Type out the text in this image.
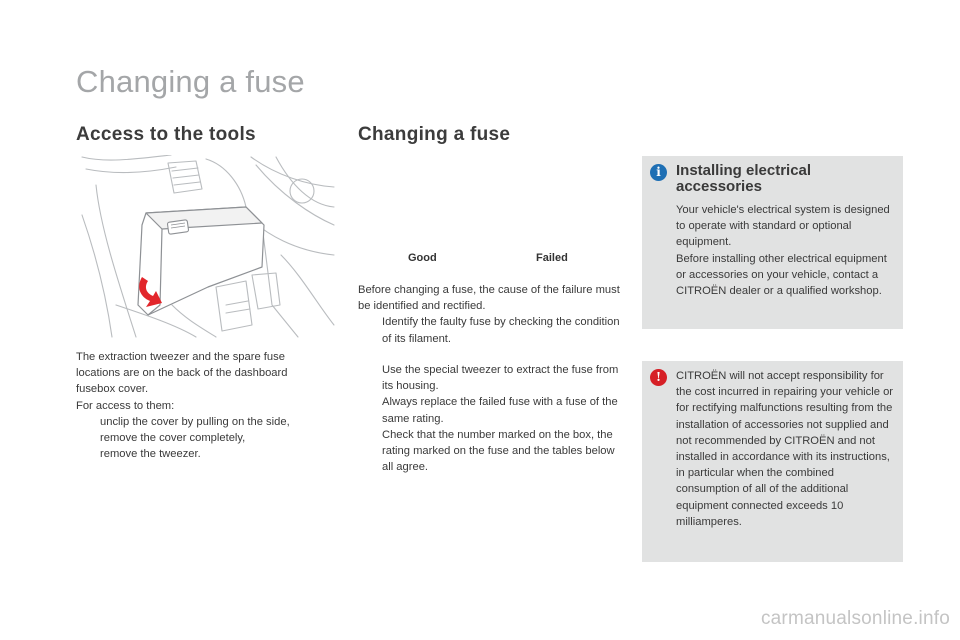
Changing a fuse
Access to the tools

The extraction tweezer and the spare fuse locations are on the back of the dashboard fusebox cover.

For access to them:

unclip the cover by pulling on the side,

remove the cover completely,

remove the tweezer.

Changing a fuse
Good	Failed

Before changing a fuse, the cause of the failure must be identified and rectified.

Identify the faulty fuse by checking the condition of its filament.

Use the special tweezer to extract the fuse from its housing.

Always replace the failed fuse with a fuse of the same rating.

Check that the number marked on the box, the rating marked on the fuse and the tables below all agree.

i	Installing electrical accessories

Your vehicle's electrical system is designed to operate with standard or optional equipment.

Before installing other electrical equipment or accessories on your vehicle, contact a CITROËN dealer or a qualified workshop.

!	CITROËN will not accept responsibility for the cost incurred in repairing your vehicle or for rectifying malfunctions resulting from the installation of accessories not supplied and not recommended by CITROËN and not installed in accordance with its instructions, in particular when the combined consumption of all of the additional equipment connected exceeds 10 milliamperes.
carmanualsonline.info
